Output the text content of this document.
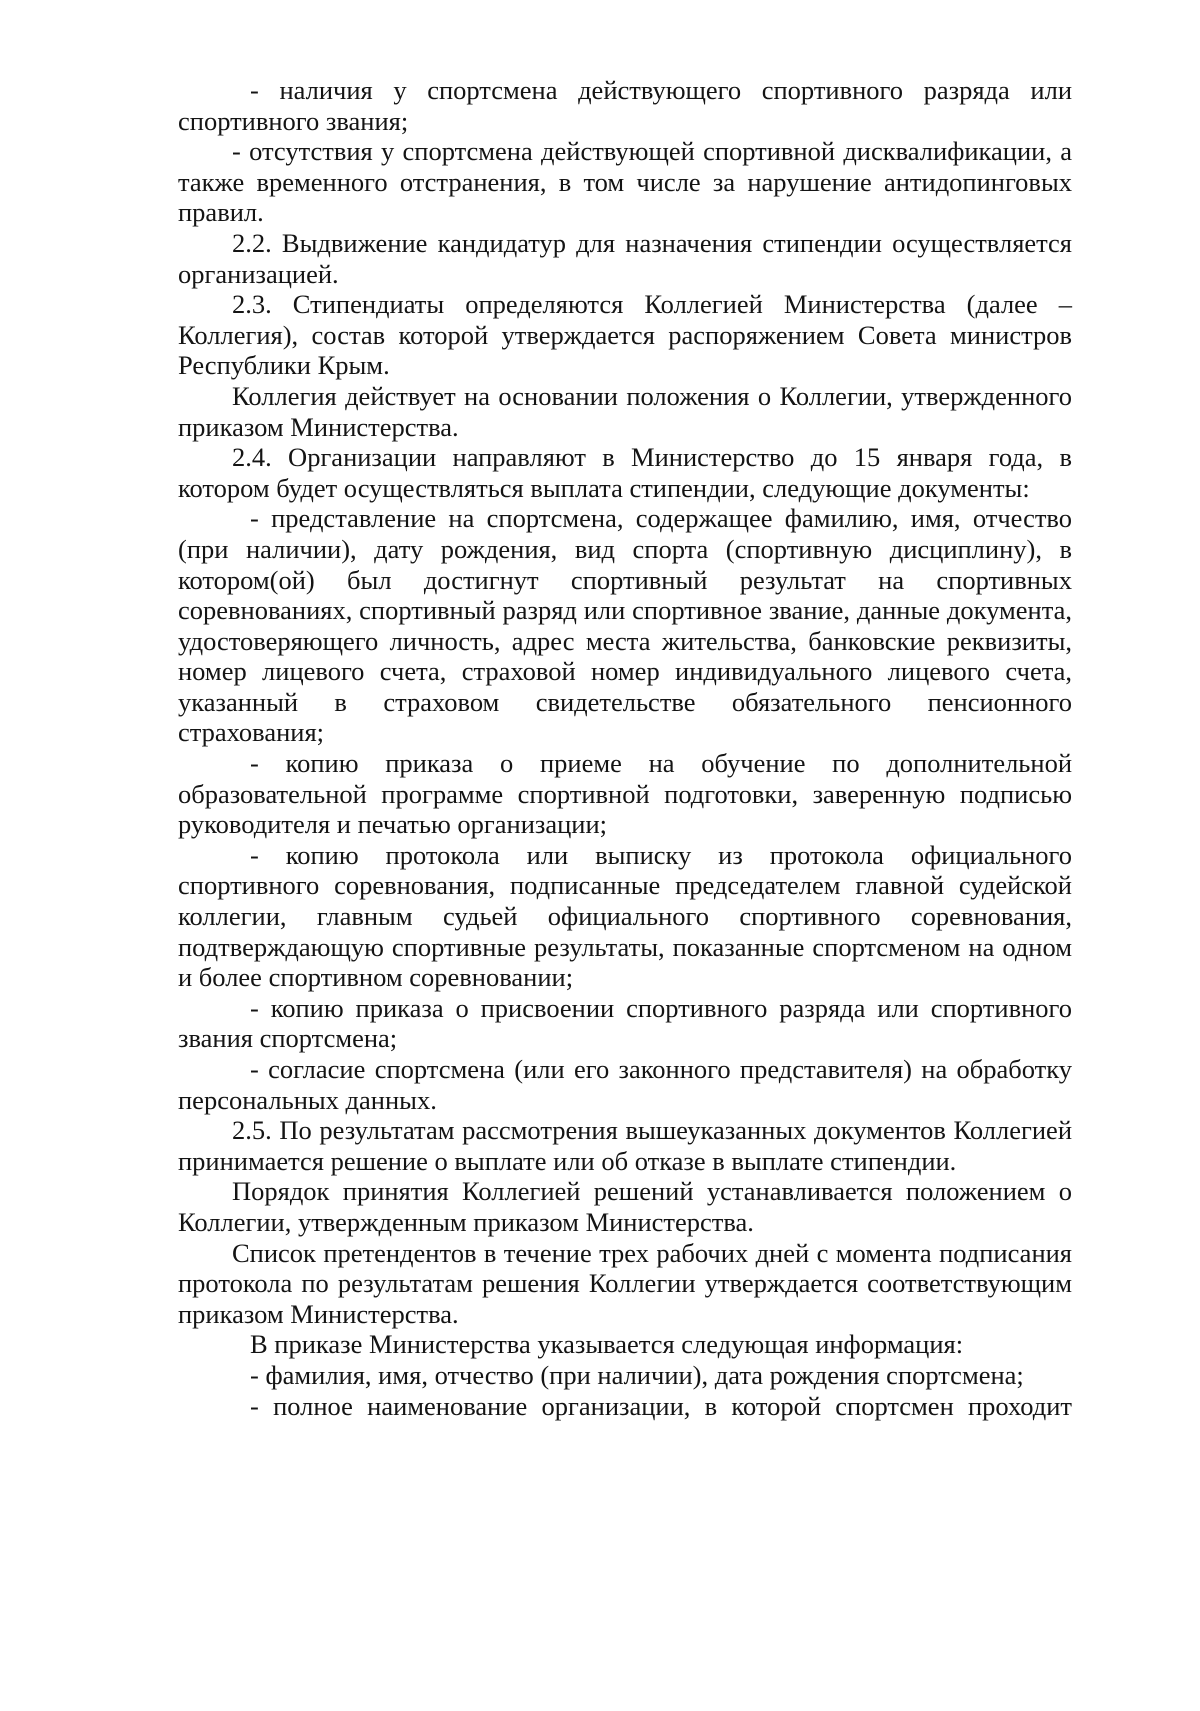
- наличия у спортсмена действующего спортивного разряда или спортивного звания;

- отсутствия у спортсмена действующей спортивной дисквалификации, а также временного отстранения, в том числе за нарушение антидопинговых правил.

2.2. Выдвижение кандидатур для назначения стипендии осуществляется организацией.

2.3. Стипендиаты определяются Коллегией Министерства (далее – Коллегия), состав которой утверждается распоряжением Совета министров Республики Крым.

Коллегия действует на основании положения о Коллегии, утвержденного приказом Министерства.

2.4. Организации направляют в Министерство до 15 января года, в котором будет осуществляться выплата стипендии, следующие документы:

- представление на спортсмена, содержащее фамилию, имя, отчество (при наличии), дату рождения, вид спорта (спортивную дисциплину), в котором(ой) был достигнут спортивный результат на спортивных соревнованиях, спортивный разряд или спортивное звание, данные документа, удостоверяющего личность, адрес места жительства, банковские реквизиты, номер лицевого счета, страховой номер индивидуального лицевого счета, указанный в страховом свидетельстве обязательного пенсионного страхования;

- копию приказа о приеме на обучение по дополнительной образовательной программе спортивной подготовки, заверенную подписью руководителя и печатью организации;

- копию протокола или выписку из протокола официального спортивного соревнования, подписанные председателем главной судейской коллегии, главным судьей официального спортивного соревнования, подтверждающую спортивные результаты, показанные спортсменом на одном и более спортивном соревновании;

- копию приказа о присвоении спортивного разряда или спортивного звания спортсмена;

- согласие спортсмена (или его законного представителя) на обработку персональных данных.

2.5. По результатам рассмотрения вышеуказанных документов Коллегией принимается решение о выплате или об отказе в выплате стипендии.

Порядок принятия Коллегией решений устанавливается положением о Коллегии, утвержденным приказом Министерства.

Список претендентов в течение трех рабочих дней с момента подписания протокола по результатам решения Коллегии утверждается соответствующим приказом Министерства.

В приказе Министерства указывается следующая информация:

- фамилия, имя, отчество (при наличии), дата рождения спортсмена;

- полное наименование организации, в которой спортсмен проходит
